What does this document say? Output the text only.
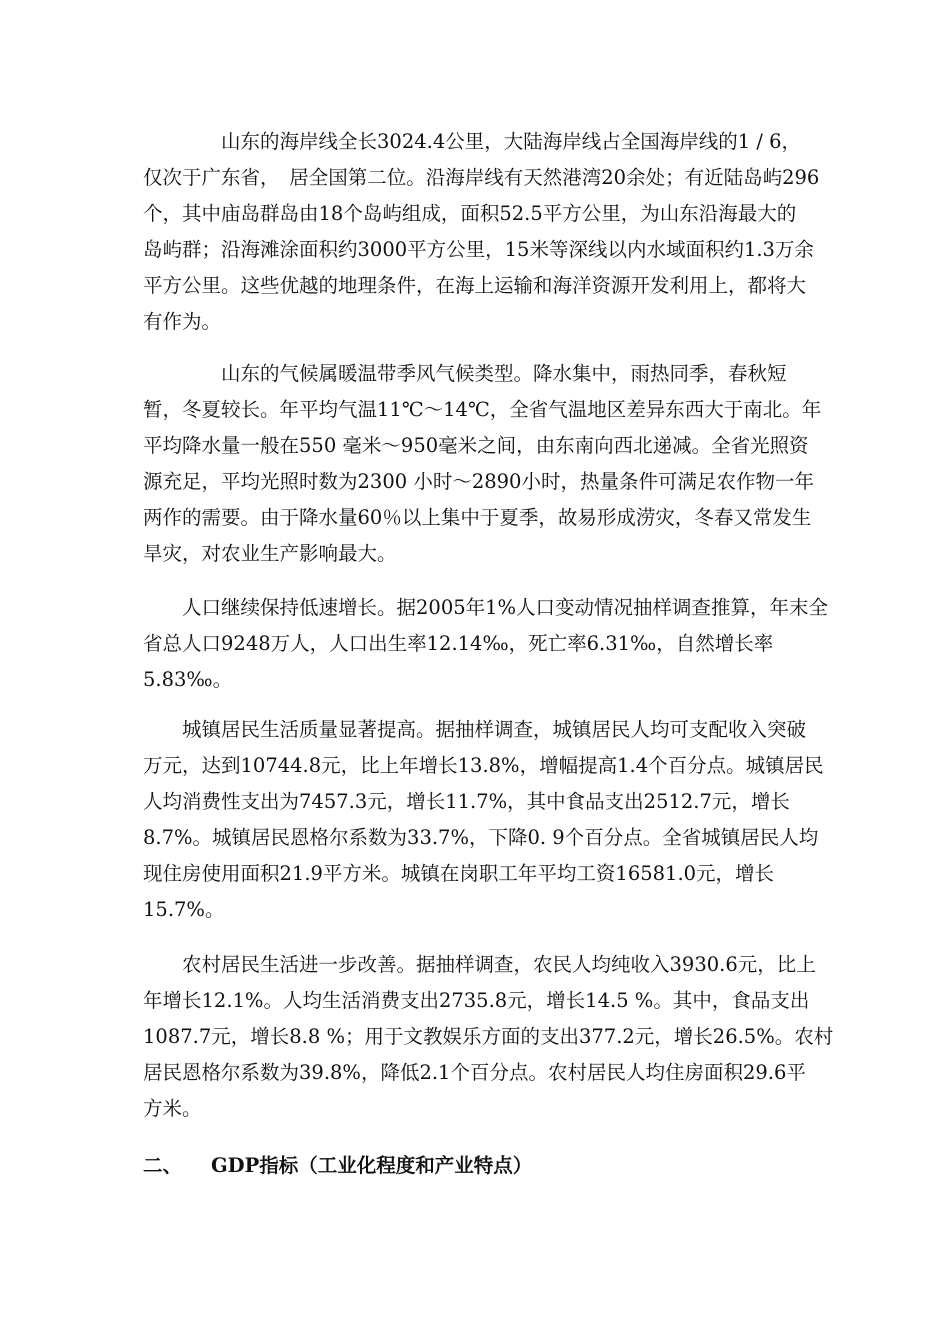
　　　　山东的海岸线全长3024.4公里，大陆海岸线占全国海岸线的1 / 6，
仅次于广东省，　居全国第二位。沿海岸线有天然港湾20余处；有近陆岛屿296
个，其中庙岛群岛由18个岛屿组成，面积52.5平方公里，为山东沿海最大的
岛屿群；沿海滩涂面积约3000平方公里，15米等深线以内水域面积约1.3万余
平方公里。这些优越的地理条件，在海上运输和海洋资源开发利用上，都将大
有作为。
　　　　山东的气候属暖温带季风气候类型。降水集中，雨热同季，春秋短
暂，冬夏较长。年平均气温11℃～14℃，全省气温地区差异东西大于南北。年
平均降水量一般在550 毫米～950毫米之间，由东南向西北递减。全省光照资
源充足，平均光照时数为2300 小时～2890小时，热量条件可满足农作物一年
两作的需要。由于降水量60％以上集中于夏季，故易形成涝灾，冬春又常发生
旱灾，对农业生产影响最大。
　　人口继续保持低速增长。据2005年1%人口变动情况抽样调查推算，年末全
省总人口9248万人，人口出生率12.14‰，死亡率6.31‰，自然增长率
5.83‰。
　　城镇居民生活质量显著提高。据抽样调查，城镇居民人均可支配收入突破
万元，达到10744.8元，比上年增长13.8%，增幅提高1.4个百分点。城镇居民
人均消费性支出为7457.3元，增长11.7%，其中食品支出2512.7元，增长
8.7%。城镇居民恩格尔系数为33.7%，下降0. 9个百分点。全省城镇居民人均
现住房使用面积21.9平方米。城镇在岗职工年平均工资16581.0元，增长
15.7%。
　　农村居民生活进一步改善。据抽样调查，农民人均纯收入3930.6元，比上
年增长12.1%。人均生活消费支出2735.8元，增长14.5 %。其中，食品支出
1087.7元，增长8.8 %；用于文教娱乐方面的支出377.2元，增长26.5%。农村
居民恩格尔系数为39.8%，降低2.1个百分点。农村居民人均住房面积29.6平
方米。
二、 GDP指标（工业化程度和产业特点）
